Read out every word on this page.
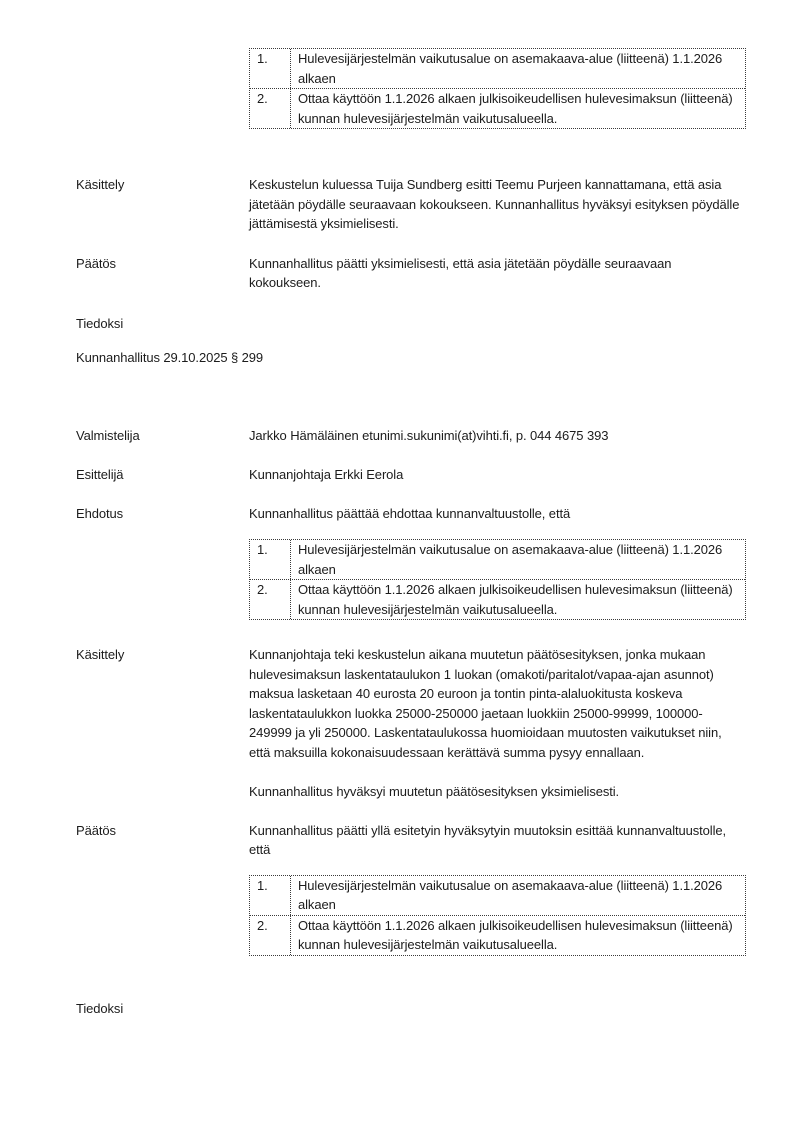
1.	Hulevesijärjestelmän vaikutusalue on asemakaava-alue (liitteenä) 1.1.2026 alkaen
2.	Ottaa käyttöön 1.1.2026 alkaen julkisoikeudellisen hulevesimaksun (liitteenä) kunnan hulevesijärjestelmän vaikutusalueella.
Käsittely	Keskustelun kuluessa Tuija Sundberg esitti Teemu Purjeen kannattamana, että asia jätetään pöydälle seuraavaan kokoukseen. Kunnanhallitus hyväksyi esityksen pöydälle jättämisestä yksimielisesti.
Päätös	Kunnanhallitus päätti yksimielisesti, että asia jätetään pöydälle seuraavaan kokoukseen.
Tiedoksi
Kunnanhallitus 29.10.2025 § 299
Valmistelija	Jarkko Hämäläinen etunimi.sukunimi(at)vihti.fi, p. 044 4675 393
Esittelijä	Kunnanjohtaja Erkki Eerola
Ehdotus	Kunnanhallitus päättää ehdottaa kunnanvaltuustolle, että
1.	Hulevesijärjestelmän vaikutusalue on asemakaava-alue (liitteenä) 1.1.2026 alkaen
2.	Ottaa käyttöön 1.1.2026 alkaen julkisoikeudellisen hulevesimaksun (liitteenä) kunnan hulevesijärjestelmän vaikutusalueella.
Käsittely	Kunnanjohtaja teki keskustelun aikana muutetun päätösesityksen, jonka mukaan hulevesimaksun laskentataulukon 1 luokan (omakoti/paritalot/vapaa-ajan asunnot) maksua lasketaan 40 eurosta 20 euroon ja tontin pinta-alaluokitusta koskeva laskentataulukkon luokka 25000-250000 jaetaan luokkiin 25000-99999, 100000-249999 ja yli 250000. Laskentataulukossa huomioidaan muutosten vaikutukset niin, että maksuilla kokonaisuudessaan kerättävä summa pysyy ennallaan.

Kunnanhallitus hyväksyi muutetun päätösesityksen yksimielisesti.

Päätös	Kunnanhallitus päätti yllä esitetyin hyväksytyin muutoksin esittää kunnanvaltuustolle, että
1.	Hulevesijärjestelmän vaikutusalue on asemakaava-alue (liitteenä) 1.1.2026 alkaen
2.	Ottaa käyttöön 1.1.2026 alkaen julkisoikeudellisen hulevesimaksun (liitteenä) kunnan hulevesijärjestelmän vaikutusalueella.
Tiedoksi
